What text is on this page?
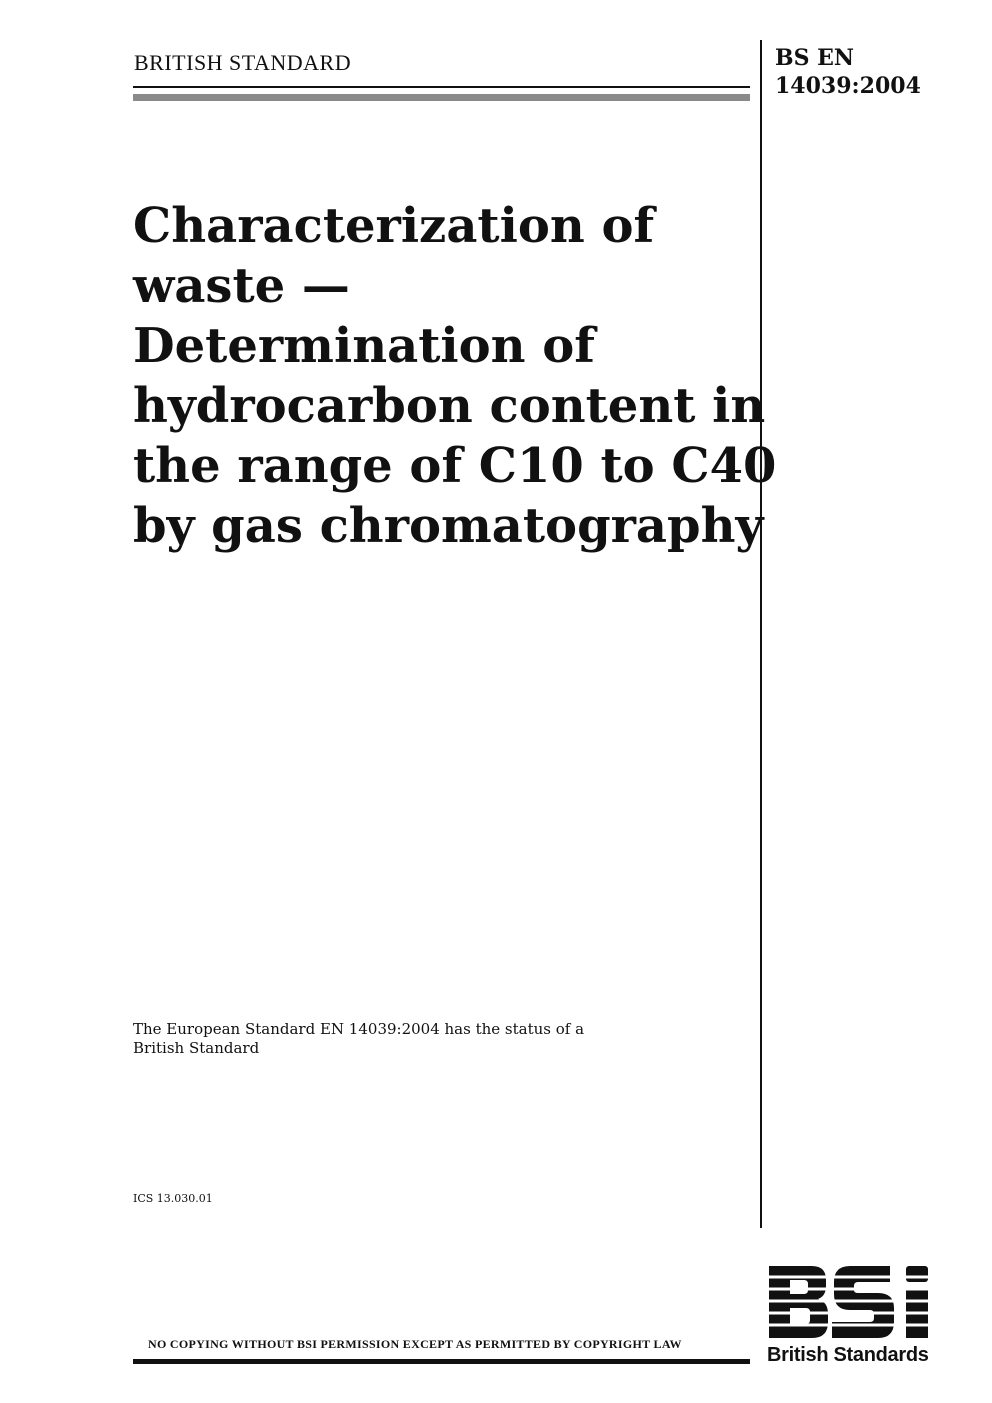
BRITISH STANDARD	BS EN
14039:2004
Characterization of
waste —
Determination of
hydrocarbon content in
the range of C10 to C40
by gas chromatography
The European Standard EN 14039:2004 has the status of a
British Standard
ICS 13.030.01
NO COPYING WITHOUT BSI PERMISSION EXCEPT AS PERMITTED BY COPYRIGHT LAW	British Standards
